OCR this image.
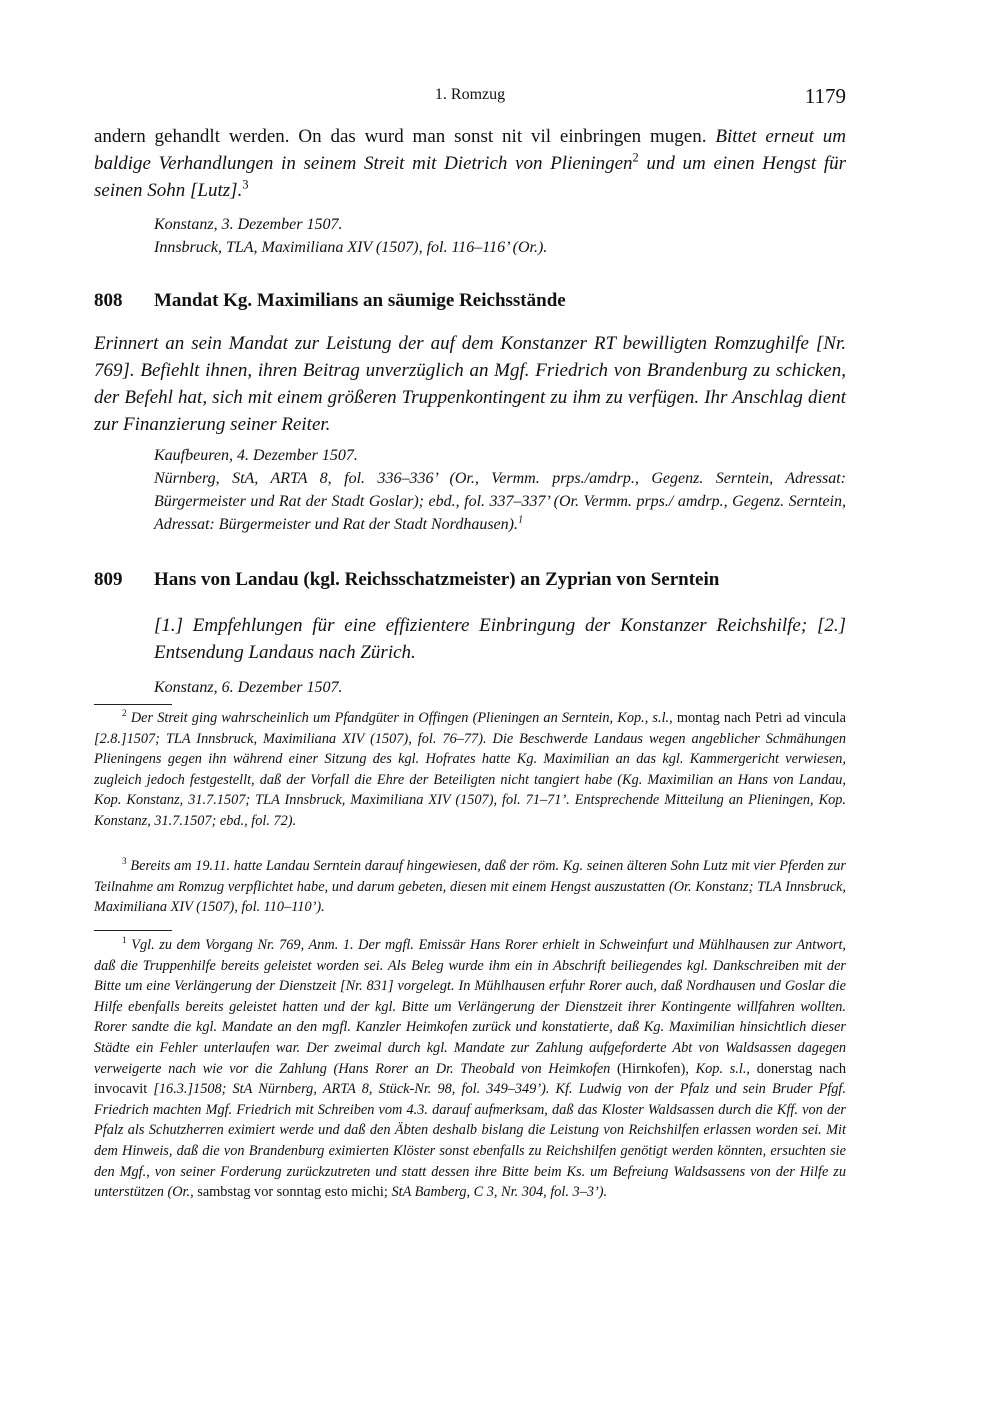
1. Romzug	1179
andern gehandlt werden. On das wurd man sonst nit vil einbringen mugen. Bittet erneut um baldige Verhandlungen in seinem Streit mit Dietrich von Plieningen$^2$ und um einen Hengst für seinen Sohn [Lutz].$^3$
Konstanz, 3. Dezember 1507.
Innsbruck, TLA, Maximiliana XIV (1507), fol. 116–116’ (Or.).
808 Mandat Kg. Maximilians an säumige Reichsstände
Erinnert an sein Mandat zur Leistung der auf dem Konstanzer RT bewilligten Romzughilfe [Nr. 769]. Befiehlt ihnen, ihren Beitrag unverzüglich an Mgf. Friedrich von Brandenburg zu schicken, der Befehl hat, sich mit einem größeren Truppenkontingent zu ihm zu verfügen. Ihr Anschlag dient zur Finanzierung seiner Reiter.
Kaufbeuren, 4. Dezember 1507.
Nürnberg, StA, ARTA 8, fol. 336–336’ (Or., Vermm. prps./amdrp., Gegenz. Serntein, Adressat: Bürgermeister und Rat der Stadt Goslar); ebd., fol. 337–337’ (Or. Vermm. prps./ amdrp., Gegenz. Serntein, Adressat: Bürgermeister und Rat der Stadt Nordhausen).$^1$
809 Hans von Landau (kgl. Reichsschatzmeister) an Zyprian von Serntein
[1.] Empfehlungen für eine effizientere Einbringung der Konstanzer Reichshilfe; [2.] Entsendung Landaus nach Zürich.
Konstanz, 6. Dezember 1507.
$^2$ Der Streit ging wahrscheinlich um Pfandgüter in Offingen (Plieningen an Serntein, Kop., s.l., montag nach Petri ad vincula [2.8.]1507; TLA Innsbruck, Maximiliana XIV (1507), fol. 76–77). Die Beschwerde Landaus wegen angeblicher Schmähungen Plieningens gegen ihn während einer Sitzung des kgl. Hofrates hatte Kg. Maximilian an das kgl. Kammergericht verwiesen, zugleich jedoch festgestellt, daß der Vorfall die Ehre der Beteiligten nicht tangiert habe (Kg. Maximilian an Hans von Landau, Kop. Konstanz, 31.7.1507; TLA Innsbruck, Maximiliana XIV (1507), fol. 71–71’. Entsprechende Mitteilung an Plieningen, Kop. Konstanz, 31.7.1507; ebd., fol. 72).
$^3$ Bereits am 19.11. hatte Landau Serntein darauf hingewiesen, daß der röm. Kg. seinen älteren Sohn Lutz mit vier Pferden zur Teilnahme am Romzug verpflichtet habe, und darum gebeten, diesen mit einem Hengst auszustatten (Or. Konstanz; TLA Innsbruck, Maximiliana XIV (1507), fol. 110–110’).
$^1$ Vgl. zu dem Vorgang Nr. 769, Anm. 1. Der mgfl. Emissär Hans Rorer erhielt in Schweinfurt und Mühlhausen zur Antwort, daß die Truppenhilfe bereits geleistet worden sei. Als Beleg wurde ihm ein in Abschrift beiliegendes kgl. Dankschreiben mit der Bitte um eine Verlängerung der Dienstzeit [Nr. 831] vorgelegt. In Mühlhausen erfuhr Rorer auch, daß Nordhausen und Goslar die Hilfe ebenfalls bereits geleistet hatten und der kgl. Bitte um Verlängerung der Dienstzeit ihrer Kontingente willfahren wollten. Rorer sandte die kgl. Mandate an den mgfl. Kanzler Heimkofen zurück und konstatierte, daß Kg. Maximilian hinsichtlich dieser Städte ein Fehler unterlaufen war. Der zweimal durch kgl. Mandate zur Zahlung aufgeforderte Abt von Waldsassen dagegen verweigerte nach wie vor die Zahlung (Hans Rorer an Dr. Theobald von Heimkofen (Hirnkofen), Kop. s.l., donerstag nach invocavit [16.3.]1508; StA Nürnberg, ARTA 8, Stück-Nr. 98, fol. 349–349’). Kf. Ludwig von der Pfalz und sein Bruder Pfgf. Friedrich machten Mgf. Friedrich mit Schreiben vom 4.3. darauf aufmerksam, daß das Kloster Waldsassen durch die Kff. von der Pfalz als Schutzherren eximiert werde und daß den Äbten deshalb bislang die Leistung von Reichshilfen erlassen worden sei. Mit dem Hinweis, daß die von Brandenburg eximierten Klöster sonst ebenfalls zu Reichshilfen genötigt werden könnten, ersuchten sie den Mgf., von seiner Forderung zurückzutreten und statt dessen ihre Bitte beim Ks. um Befreiung Waldsassens von der Hilfe zu unterstützen (Or., sambstag vor sonntag esto michi; StA Bamberg, C 3, Nr. 304, fol. 3–3’).
